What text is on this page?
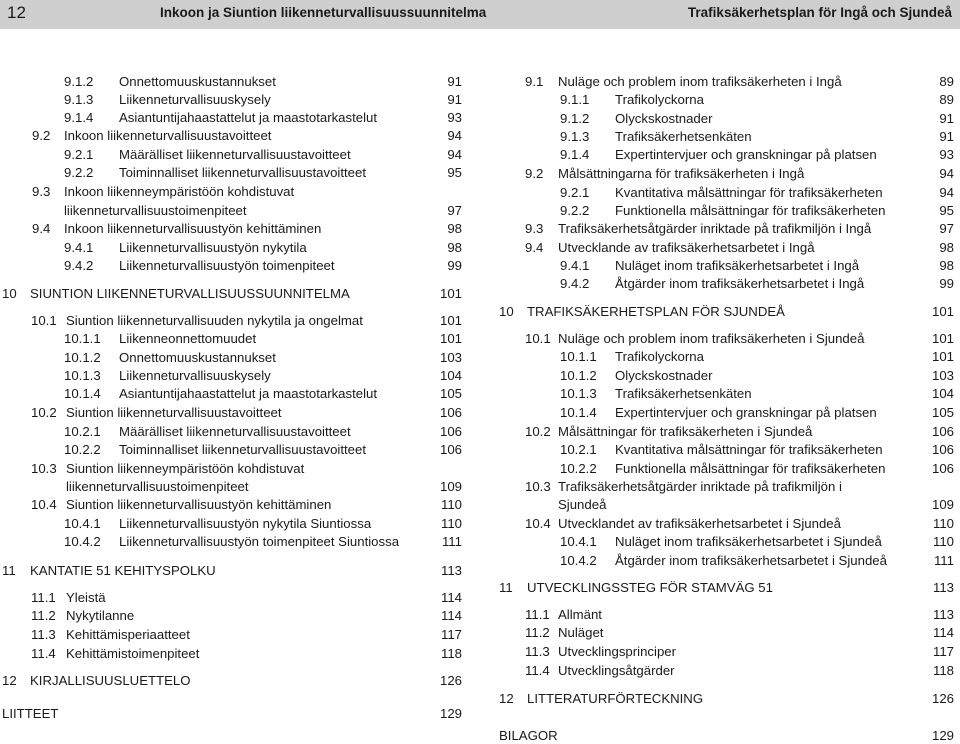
12	Inkoon ja Siuntion liikenneturvallisuussuunnitelma	Trafiksäkerhetsplan för Ingå och Sjundeå
9.1.2 Onnettomuuskustannukset	91
9.1.3 Liikenneturvallisuuskysely	91
9.1.4 Asiantuntijahaastattelut ja maastotarkastelut	93
9.2 Inkoon liikenneturvallisuustavoitteet	94
9.2.1 Määrälliset liikenneturvallisuustavoitteet	94
9.2.2 Toiminnalliset liikenneturvallisuustavoitteet	95
9.3 Inkoon liikenneympäristöön kohdistuvat
liikenneturvallisuustoimenpiteet	97
9.4 Inkoon liikenneturvallisuustyön kehittäminen	98
9.4.1 Liikenneturvallisuustyön nykytila	98
9.4.2 Liikenneturvallisuustyön toimenpiteet	99
10 SIUNTION LIIKENNETURVALLISUUSSUUNNITELMA	101
10.1 Siuntion liikenneturvallisuuden nykytila ja ongelmat	101
10.1.1 Liikenneonnettomuudet	101
10.1.2 Onnettomuuskustannukset	103
10.1.3 Liikenneturvallisuuskysely	104
10.1.4 Asiantuntijahaastattelut ja maastotarkastelut	105
10.2 Siuntion liikenneturvallisuustavoitteet	106
10.2.1 Määrälliset liikenneturvallisuustavoitteet	106
10.2.2 Toiminnalliset liikenneturvallisuustavoitteet	106
10.3 Siuntion liikenneympäristöön kohdistuvat
liikenneturvallisuustoimenpiteet	109
10.4 Siuntion liikenneturvallisuustyön kehittäminen	110
10.4.1 Liikenneturvallisuustyön nykytila Siuntiossa	110
10.4.2 Liikenneturvallisuustyön toimenpiteet Siuntiossa	111
11 KANTATIE 51 KEHITYSPOLKU	113
11.1 Yleistä	114
11.2 Nykytilanne	114
11.3 Kehittämisperiaatteet	117
11.4 Kehittämistoimenpiteet	118
12 KIRJALLISUUSLUETTELO	126
LIITTEET	129
9.1 Nuläge och problem inom trafiksäkerheten i Ingå	89
9.1.1 Trafikolyckorna	89
9.1.2 Olyckskostnader	91
9.1.3 Trafiksäkerhetsenkäten	91
9.1.4 Expertintervjuer och granskningar på platsen	93
9.2 Målsättningarna för trafiksäkerheten i Ingå	94
9.2.1 Kvantitativa målsättningar för trafiksäkerheten	94
9.2.2 Funktionella målsättningar för trafiksäkerheten	95
9.3 Trafiksäkerhetsåtgärder inriktade på trafikmiljön i Ingå	97
9.4 Utvecklande av trafiksäkerhetsarbetet i Ingå	98
9.4.1 Nuläget inom trafiksäkerhetsarbetet i Ingå	98
9.4.2 Åtgärder inom trafiksäkerhetsarbetet i Ingå	99
10 TRAFIKSÄKERHETSPLAN FÖR SJUNDEÅ	101
10.1 Nuläge och problem inom trafiksäkerheten i Sjundeå	101
10.1.1 Trafikolyckorna	101
10.1.2 Olyckskostnader	103
10.1.3 Trafiksäkerhetsenkäten	104
10.1.4 Expertintervjuer och granskningar på platsen	105
10.2 Målsättningar för trafiksäkerheten i Sjundeå	106
10.2.1 Kvantitativa målsättningar för trafiksäkerheten	106
10.2.2 Funktionella målsättningar för trafiksäkerheten	106
10.3 Trafiksäkerhetsåtgärder inriktade på trafikmiljön i
Sjundeå	109
10.4 Utvecklandet av trafiksäkerhetsarbetet i Sjundeå	110
10.4.1 Nuläget inom trafiksäkerhetsarbetet i Sjundeå	110
10.4.2 Åtgärder inom trafiksäkerhetsarbetet i Sjundeå	111
11 UTVECKLINGSSTEG FÖR STAMVÄG 51	113
11.1 Allmänt	113
11.2 Nuläget	114
11.3 Utvecklingsprinciper	117
11.4 Utvecklingsåtgärder	118
12 LITTERATURFÖRTECKNING	126
BILAGOR	129
